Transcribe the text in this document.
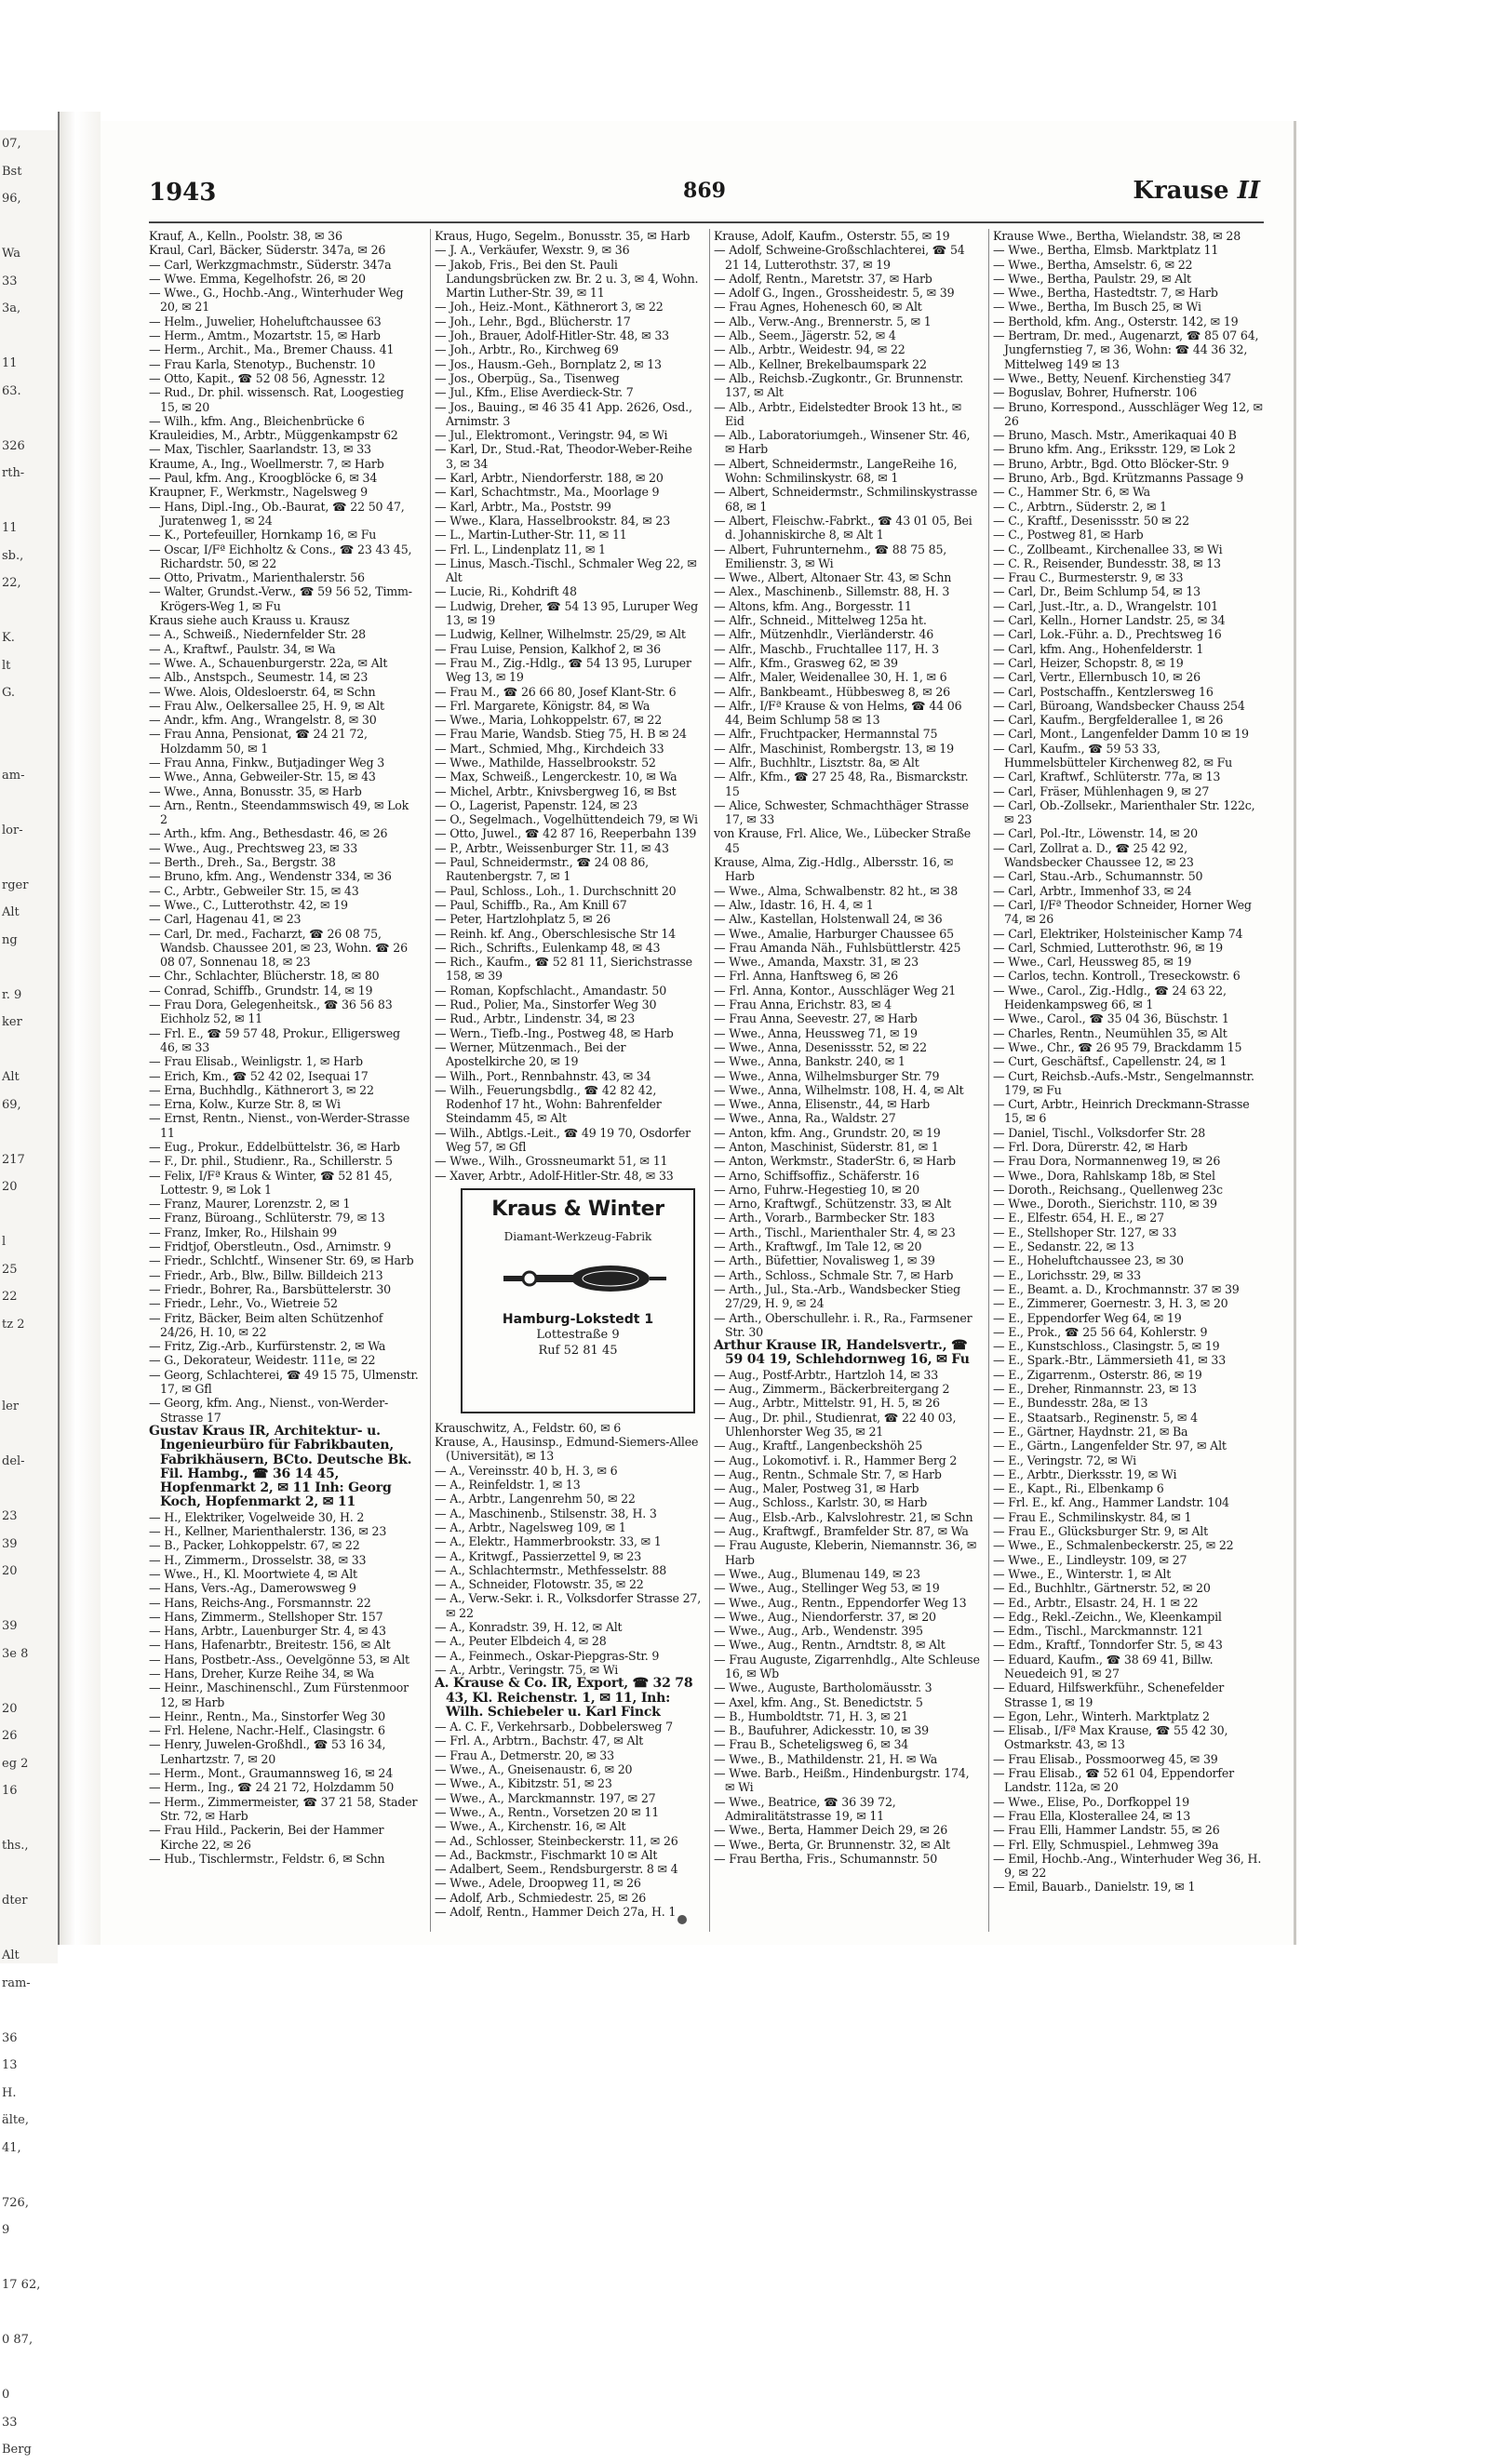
07,
Bst
96,

Wa
33
3a,

11
63.

326
rth-

11
sb.,
22,

K.
lt
G.

am-

lor-

rger
Alt
ng

r. 9
ker

Alt
69,

217
20

l
25
22
tz 2

ler

del-

23
39
20

39
3e 8

20
26
eg 2
16

ths.,

dter

Alt
ram-

36
13
H.
älte,
41,

726,
9

17 62,

0 87,

0
33
Berg
1943	869	Krause II
Krauf, A., Kelln., Poolstr. 38, ✉ 36
Kraul, Carl, Bäcker, Süderstr. 347a, ✉ 26
— Carl, Werkzgmachmstr., Süderstr. 347a
— Wwe. Emma, Kegelhofstr. 26, ✉ 20
— Wwe., G., Hochb.-Ang., Winterhuder Weg 20, ✉ 21
— Helm., Juwelier, Hoheluftchaussee 63
— Herm., Amtm., Mozartstr. 15, ✉ Harb
— Herm., Archit., Ma., Bremer Chauss. 41
— Frau Karla, Stenotyp., Buchenstr. 10
— Otto, Kapit., ☎ 52 08 56, Agnesstr. 12
— Rud., Dr. phil. wissensch. Rat, Loogestieg 15, ✉ 20
— Wilh., kfm. Ang., Bleichenbrücke 6
Krauleidies, M., Arbtr., Müggenkampstr 62
— Max, Tischler, Saarlandstr. 13, ✉ 33
Kraume, A., Ing., Woellmerstr. 7, ✉ Harb
— Paul, kfm. Ang., Kroogblöcke 6, ✉ 34
Kraupner, F., Werkmstr., Nagelsweg 9
— Hans, Dipl.-Ing., Ob.-Baurat, ☎ 22 50 47, Juratenweg 1, ✉ 24
— K., Portefeuiller, Hornkamp 16, ✉ Fu
— Oscar, I/Fª Eichholtz & Cons., ☎ 23 43 45, Richardstr. 50, ✉ 22
— Otto, Privatm., Marienthalerstr. 56
— Walter, Grundst.-Verw., ☎ 59 56 52, Timm-Krögers-Weg 1, ✉ Fu
Kraus siehe auch Krauss u. Krausz
— A., Schweiß., Niedernfelder Str. 28
— A., Kraftwf., Paulstr. 34, ✉ Wa
— Wwe. A., Schauenburgerstr. 22a, ✉ Alt
— Alb., Anstspch., Seumestr. 14, ✉ 23
— Wwe. Alois, Oldesloerstr. 64, ✉ Schn
— Frau Alw., Oelkersallee 25, H. 9, ✉ Alt
— Andr., kfm. Ang., Wrangelstr. 8, ✉ 30
— Frau Anna, Pensionat, ☎ 24 21 72, Holzdamm 50, ✉ 1
— Frau Anna, Finkw., Butjadinger Weg 3
— Wwe., Anna, Gebweiler-Str. 15, ✉ 43
— Wwe., Anna, Bonusstr. 35, ✉ Harb
— Arn., Rentn., Steendammswisch 49, ✉ Lok 2
— Arth., kfm. Ang., Bethesdastr. 46, ✉ 26
— Wwe., Aug., Prechtsweg 23, ✉ 33
— Berth., Dreh., Sa., Bergstr. 38
— Bruno, kfm. Ang., Wendenstr 334, ✉ 36
— C., Arbtr., Gebweiler Str. 15, ✉ 43
— Wwe., C., Lutterothstr. 42, ✉ 19
— Carl, Hagenau 41, ✉ 23
— Carl, Dr. med., Facharzt, ☎ 26 08 75, Wandsb. Chaussee 201, ✉ 23, Wohn. ☎ 26 08 07, Sonnenau 18, ✉ 23
— Chr., Schlachter, Blücherstr. 18, ✉ 80
— Conrad, Schiffb., Grundstr. 14, ✉ 19
— Frau Dora, Gelegenheitsk., ☎ 36 56 83 Eichholz 52, ✉ 11
— Frl. E., ☎ 59 57 48, Prokur., Elligersweg 46, ✉ 33
— Frau Elisab., Weinligstr. 1, ✉ Harb
— Erich, Km., ☎ 52 42 02, Isequai 17
— Erna, Buchhdlg., Käthnerort 3, ✉ 22
— Erna, Kolw., Kurze Str. 8, ✉ Wi
— Ernst, Rentn., Nienst., von-Werder-Strasse 11
— Eug., Prokur., Eddelbüttelstr. 36, ✉ Harb
— F., Dr. phil., Studienr., Ra., Schillerstr. 5
— Felix, I/Fª Kraus & Winter, ☎ 52 81 45, Lottestr. 9, ✉ Lok 1
— Franz, Maurer, Lorenzstr. 2, ✉ 1
— Franz, Büroang., Schlüterstr. 79, ✉ 13
— Franz, Imker, Ro., Hilshain 99
— Fridtjof, Oberstleutn., Osd., Arnimstr. 9
— Friedr., Schlchtf., Winsener Str. 69, ✉ Harb
— Friedr., Arb., Blw., Billw. Billdeich 213
— Friedr., Bohrer, Ra., Barsbüttelerstr. 30
— Friedr., Lehr., Vo., Wietreie 52
— Fritz, Bäcker, Beim alten Schützenhof 24/26, H. 10, ✉ 22
— Fritz, Zig.-Arb., Kurfürstenstr. 2, ✉ Wa
— G., Dekorateur, Weidestr. 111e, ✉ 22
— Georg, Schlachterei, ☎ 49 15 75, Ulmenstr. 17, ✉ Gfl
— Georg, kfm. Ang., Nienst., von-Werder-Strasse 17
Gustav Kraus IR, Architektur- u. Ingenieurbüro für Fabrikbauten, Fabrikhäusern, BCto. Deutsche Bk. Fil. Hambg., ☎ 36 14 45, Hopfenmarkt 2, ✉ 11 Inh: Georg Koch, Hopfenmarkt 2, ✉ 11
— H., Elektriker, Vogelweide 30, H. 2
— H., Kellner, Marienthalerstr. 136, ✉ 23
— B., Packer, Lohkoppelstr. 67, ✉ 22
— H., Zimmerm., Drosselstr. 38, ✉ 33
— Wwe., H., Kl. Moortwiete 4, ✉ Alt
— Hans, Vers.-Ag., Damerowsweg 9
— Hans, Reichs-Ang., Forsmannstr. 22
— Hans, Zimmerm., Stellshoper Str. 157
— Hans, Arbtr., Lauenburger Str. 4, ✉ 43
— Hans, Hafenarbtr., Breitestr. 156, ✉ Alt
— Hans, Postbetr.-Ass., Oevelgönne 53, ✉ Alt
— Hans, Dreher, Kurze Reihe 34, ✉ Wa
— Heinr., Maschinenschl., Zum Fürstenmoor 12, ✉ Harb
— Heinr., Rentn., Ma., Sinstorfer Weg 30
— Frl. Helene, Nachr.-Helf., Clasingstr. 6
— Henry, Juwelen-Großhdl., ☎ 53 16 34, Lenhartzstr. 7, ✉ 20
— Herm., Mont., Graumannsweg 16, ✉ 24
— Herm., Ing., ☎ 24 21 72, Holzdamm 50
— Herm., Zimmermeister, ☎ 37 21 58, Stader Str. 72, ✉ Harb
— Frau Hild., Packerin, Bei der Hammer Kirche 22, ✉ 26
— Hub., Tischlermstr., Feldstr. 6, ✉ Schn
Kraus, Hugo, Segelm., Bonusstr. 35, ✉ Harb
— J. A., Verkäufer, Wexstr. 9, ✉ 36
— Jakob, Fris., Bei den St. Pauli Landungsbrücken zw. Br. 2 u. 3, ✉ 4, Wohn. Martin Luther-Str. 39, ✉ 11
— Joh., Heiz.-Mont., Käthnerort 3, ✉ 22
— Joh., Lehr., Bgd., Blücherstr. 17
— Joh., Brauer, Adolf-Hitler-Str. 48, ✉ 33
— Joh., Arbtr., Ro., Kirchweg 69
— Jos., Hausm.-Geh., Bornplatz 2, ✉ 13
— Jos., Oberpüg., Sa., Tisenweg
— Jul., Kfm., Elise Averdieck-Str. 7
— Jos., Bauing., ✉ 46 35 41 App. 2626, Osd., Arnimstr. 3
— Jul., Elektromont., Veringstr. 94, ✉ Wi
— Karl, Dr., Stud.-Rat, Theodor-Weber-Reihe 3, ✉ 34
— Karl, Arbtr., Niendorferstr. 188, ✉ 20
— Karl, Schachtmstr., Ma., Moorlage 9
— Karl, Arbtr., Ma., Poststr. 99
— Wwe., Klara, Hasselbrookstr. 84, ✉ 23
— L., Martin-Luther-Str. 11, ✉ 11
— Frl. L., Lindenplatz 11, ✉ 1
— Linus, Masch.-Tischl., Schmaler Weg 22, ✉ Alt
— Lucie, Ri., Kohdrift 48
— Ludwig, Dreher, ☎ 54 13 95, Luruper Weg 13, ✉ 19
— Ludwig, Kellner, Wilhelmstr. 25/29, ✉ Alt
— Frau Luise, Pension, Kalkhof 2, ✉ 36
— Frau M., Zig.-Hdlg., ☎ 54 13 95, Luruper Weg 13, ✉ 19
— Frau M., ☎ 26 66 80, Josef Klant-Str. 6
— Frl. Margarete, Königstr. 84, ✉ Wa
— Wwe., Maria, Lohkoppelstr. 67, ✉ 22
— Frau Marie, Wandsb. Stieg 75, H. B ✉ 24
— Mart., Schmied, Mhg., Kirchdeich 33
— Wwe., Mathilde, Hasselbrookstr. 52
— Max, Schweiß., Lengerckestr. 10, ✉ Wa
— Michel, Arbtr., Knivsbergweg 16, ✉ Bst
— O., Lagerist, Papenstr. 124, ✉ 23
— O., Segelmach., Vogelhüttendeich 79, ✉ Wi
— Otto, Juwel., ☎ 42 87 16, Reeperbahn 139
— P., Arbtr., Weissenburger Str. 11, ✉ 43
— Paul, Schneidermstr., ☎ 24 08 86, Rautenbergstr. 7, ✉ 1
— Paul, Schloss., Loh., 1. Durchschnitt 20
— Paul, Schiffb., Ra., Am Knill 67
— Peter, Hartzlohplatz 5, ✉ 26
— Reinh. kf. Ang., Oberschlesische Str 14
— Rich., Schrifts., Eulenkamp 48, ✉ 43
— Rich., Kaufm., ☎ 52 81 11, Sierichstrasse 158, ✉ 39
— Roman, Kopfschlacht., Amandastr. 50
— Rud., Polier, Ma., Sinstorfer Weg 30
— Rud., Arbtr., Lindenstr. 34, ✉ 23
— Wern., Tiefb.-Ing., Postweg 48, ✉ Harb
— Werner, Mützenmach., Bei der Apostelkirche 20, ✉ 19
— Wilh., Port., Rennbahnstr. 43, ✉ 34
— Wilh., Feuerungsbdlg., ☎ 42 82 42, Rodenhof 17 ht., Wohn: Bahrenfelder Steindamm 45, ✉ Alt
— Wilh., Abtlgs.-Leit., ☎ 49 19 70, Osdorfer Weg 57, ✉ Gfl
— Wwe., Wilh., Grossneumarkt 51, ✉ 11
— Xaver, Arbtr., Adolf-Hitler-Str. 48, ✉ 33
Kraus & Winter
Diamant-Werkzeug-Fabrik
Hamburg-Lokstedt 1
Lottestraße 9
Ruf 52 81 45
Krauschwitz, A., Feldstr. 60, ✉ 6
Krause, A., Hausinsp., Edmund-Siemers-Allee (Universität), ✉ 13
— A., Vereinsstr. 40 b, H. 3, ✉ 6
— A., Reinfeldstr. 1, ✉ 13
— A., Arbtr., Langenrehm 50, ✉ 22
— A., Maschinenb., Stilsenstr. 38, H. 3
— A., Arbtr., Nagelsweg 109, ✉ 1
— A., Elektr., Hammerbrookstr. 33, ✉ 1
— A., Kritwgf., Passierzettel 9, ✉ 23
— A., Schlachtermstr., Methfesselstr. 88
— A., Schneider, Flotowstr. 35, ✉ 22
— A., Verw.-Sekr. i. R., Volksdorfer Strasse 27, ✉ 22
— A., Konradstr. 39, H. 12, ✉ Alt
— A., Peuter Elbdeich 4, ✉ 28
— A., Feinmech., Oskar-Piepgras-Str. 9
— A., Arbtr., Veringstr. 75, ✉ Wi
A. Krause & Co. IR, Export, ☎ 32 78 43, Kl. Reichenstr. 1, ✉ 11, Inh: Wilh. Schiebeler u. Karl Finck
— A. C. F., Verkehrsarb., Dobbelersweg 7
— Frl. A., Arbtrn., Bachstr. 47, ✉ Alt
— Frau A., Detmerstr. 20, ✉ 33
— Wwe., A., Gneisenaustr. 6, ✉ 20
— Wwe., A., Kibitzstr. 51, ✉ 23
— Wwe., A., Marckmannstr. 197, ✉ 27
— Wwe., A., Rentn., Vorsetzen 20 ✉ 11
— Wwe., A., Kirchenstr. 16, ✉ Alt
— Ad., Schlosser, Steinbeckerstr. 11, ✉ 26
— Ad., Backmstr., Fischmarkt 10 ✉ Alt
— Adalbert, Seem., Rendsburgerstr. 8 ✉ 4
— Wwe., Adele, Droopweg 11, ✉ 26
— Adolf, Arb., Schmiedestr. 25, ✉ 26
— Adolf, Rentn., Hammer Deich 27a, H. 1
Krause, Adolf, Kaufm., Osterstr. 55, ✉ 19
— Adolf, Schweine-Großschlachterei, ☎ 54 21 14, Lutterothstr. 37, ✉ 19
— Adolf, Rentn., Maretstr. 37, ✉ Harb
— Adolf G., Ingen., Grossheidestr. 5, ✉ 39
— Frau Agnes, Hohenesch 60, ✉ Alt
— Alb., Verw.-Ang., Brennerstr. 5, ✉ 1
— Alb., Seem., Jägerstr. 52, ✉ 4
— Alb., Arbtr., Weidestr. 94, ✉ 22
— Alb., Kellner, Brekelbaumspark 22
— Alb., Reichsb.-Zugkontr., Gr. Brunnenstr. 137, ✉ Alt
— Alb., Arbtr., Eidelstedter Brook 13 ht., ✉ Eid
— Alb., Laboratoriumgeh., Winsener Str. 46, ✉ Harb
— Albert, Schneidermstr., LangeReihe 16, Wohn: Schmilinskystr. 68, ✉ 1
— Albert, Schneidermstr., Schmilinskystrasse 68, ✉ 1
— Albert, Fleischw.-Fabrkt., ☎ 43 01 05, Bei d. Johanniskirche 8, ✉ Alt 1
— Albert, Fuhrunternehm., ☎ 88 75 85, Emilienstr. 3, ✉ Wi
— Wwe., Albert, Altonaer Str. 43, ✉ Schn
— Alex., Maschinenb., Sillemstr. 88, H. 3
— Altons, kfm. Ang., Borgesstr. 11
— Alfr., Schneid., Mittelweg 125a ht.
— Alfr., Mützenhdlr., Vierländerstr. 46
— Alfr., Maschb., Fruchtallee 117, H. 3
— Alfr., Kfm., Grasweg 62, ✉ 39
— Alfr., Maler, Weidenallee 30, H. 1, ✉ 6
— Alfr., Bankbeamt., Hübbesweg 8, ✉ 26
— Alfr., I/Fª Krause & von Helms, ☎ 44 06 44, Beim Schlump 58 ✉ 13
— Alfr., Fruchtpacker, Hermannstal 75
— Alfr., Maschinist, Rombergstr. 13, ✉ 19
— Alfr., Buchhltr., Lisztstr. 8a, ✉ Alt
— Alfr., Kfm., ☎ 27 25 48, Ra., Bismarckstr. 15
— Alice, Schwester, Schmachthäger Strasse 17, ✉ 33
von Krause, Frl. Alice, We., Lübecker Straße 45
Krause, Alma, Zig.-Hdlg., Albersstr. 16, ✉ Harb
— Wwe., Alma, Schwalbenstr. 82 ht., ✉ 38
— Alw., Idastr. 16, H. 4, ✉ 1
— Alw., Kastellan, Holstenwall 24, ✉ 36
— Wwe., Amalie, Harburger Chaussee 65
— Frau Amanda Näh., Fuhlsbüttlerstr. 425
— Wwe., Amanda, Maxstr. 31, ✉ 23
— Frl. Anna, Hanftsweg 6, ✉ 26
— Frl. Anna, Kontor., Ausschläger Weg 21
— Frau Anna, Erichstr. 83, ✉ 4
— Frau Anna, Seevestr. 27, ✉ Harb
— Wwe., Anna, Heussweg 71, ✉ 19
— Wwe., Anna, Desenissstr. 52, ✉ 22
— Wwe., Anna, Bankstr. 240, ✉ 1
— Wwe., Anna, Wilhelmsburger Str. 79
— Wwe., Anna, Wilhelmstr. 108, H. 4, ✉ Alt
— Wwe., Anna, Elisenstr., 44, ✉ Harb
— Wwe., Anna, Ra., Waldstr. 27
— Anton, kfm. Ang., Grundstr. 20, ✉ 19
— Anton, Maschinist, Süderstr. 81, ✉ 1
— Anton, Werkmstr., StaderStr. 6, ✉ Harb
— Arno, Schiffsoffiz., Schäferstr. 16
— Arno, Fuhrw.-Hegestieg 10, ✉ 20
— Arno, Kraftwgf., Schützenstr. 33, ✉ Alt
— Arth., Vorarb., Barmbecker Str. 183
— Arth., Tischl., Marienthaler Str. 4, ✉ 23
— Arth., Kraftwgf., Im Tale 12, ✉ 20
— Arth., Büfettier, Novalisweg 1, ✉ 39
— Arth., Schloss., Schmale Str. 7, ✉ Harb
— Arth., Jul., Sta.-Arb., Wandsbecker Stieg 27/29, H. 9, ✉ 24
— Arth., Oberschullehr. i. R., Ra., Farmsener Str. 30
Arthur Krause IR, Handelsvertr., ☎ 59 04 19, Schlehdornweg 16, ✉ Fu
— Aug., Postf-Arbtr., Hartzloh 14, ✉ 33
— Aug., Zimmerm., Bäckerbreitergang 2
— Aug., Arbtr., Mittelstr. 91, H. 5, ✉ 26
— Aug., Dr. phil., Studienrat, ☎ 22 40 03, Uhlenhorster Weg 35, ✉ 21
— Aug., Kraftf., Langenbeckshöh 25
— Aug., Lokomotivf. i. R., Hammer Berg 2
— Aug., Rentn., Schmale Str. 7, ✉ Harb
— Aug., Maler, Postweg 31, ✉ Harb
— Aug., Schloss., Karlstr. 30, ✉ Harb
— Aug., Elsb.-Arb., Kalvslohrestr. 21, ✉ Schn
— Aug., Kraftwgf., Bramfelder Str. 87, ✉ Wa
— Frau Auguste, Kleberin, Niemannstr. 36, ✉ Harb
— Wwe., Aug., Blumenau 149, ✉ 23
— Wwe., Aug., Stellinger Weg 53, ✉ 19
— Wwe., Aug., Rentn., Eppendorfer Weg 13
— Wwe., Aug., Niendorferstr. 37, ✉ 20
— Wwe., Aug., Arb., Wendenstr. 395
— Wwe., Aug., Rentn., Arndtstr. 8, ✉ Alt
— Frau Auguste, Zigarrenhdlg., Alte Schleuse 16, ✉ Wb
— Wwe., Auguste, Bartholomäusstr. 3
— Axel, kfm. Ang., St. Benedictstr. 5
— B., Humboldtstr. 71, H. 3, ✉ 21
— B., Baufuhrer, Adickesstr. 10, ✉ 39
— Frau B., Scheteligsweg 6, ✉ 34
— Wwe., B., Mathildenstr. 21, H. ✉ Wa
— Wwe. Barb., Heißm., Hindenburgstr. 174, ✉ Wi
— Wwe., Beatrice, ☎ 36 39 72, Admiralitätstrasse 19, ✉ 11
— Wwe., Berta, Hammer Deich 29, ✉ 26
— Wwe., Berta, Gr. Brunnenstr. 32, ✉ Alt
— Frau Bertha, Fris., Schumannstr. 50
Krause Wwe., Bertha, Wielandstr. 38, ✉ 28
— Wwe., Bertha, Elmsb. Marktplatz 11
— Wwe., Bertha, Amselstr. 6, ✉ 22
— Wwe., Bertha, Paulstr. 29, ✉ Alt
— Wwe., Bertha, Hastedtstr. 7, ✉ Harb
— Wwe., Bertha, Im Busch 25, ✉ Wi
— Berthold, kfm. Ang., Osterstr. 142, ✉ 19
— Bertram, Dr. med., Augenarzt, ☎ 85 07 64, Jungfernstieg 7, ✉ 36, Wohn: ☎ 44 36 32, Mittelweg 149 ✉ 13
— Wwe., Betty, Neuenf. Kirchenstieg 347
— Boguslav, Bohrer, Hufnerstr. 106
— Bruno, Korrespond., Ausschläger Weg 12, ✉ 26
— Bruno, Masch. Mstr., Amerikaquai 40 B
— Bruno kfm. Ang., Eriksstr. 129, ✉ Lok 2
— Bruno, Arbtr., Bgd. Otto Blöcker-Str. 9
— Bruno, Arb., Bgd. Krützmanns Passage 9
— C., Hammer Str. 6, ✉ Wa
— C., Arbtrn., Süderstr. 2, ✉ 1
— C., Kraftf., Desenissstr. 50 ✉ 22
— C., Postweg 81, ✉ Harb
— C., Zollbeamt., Kirchenallee 33, ✉ Wi
— C. R., Reisender, Bundesstr. 38, ✉ 13
— Frau C., Burmesterstr. 9, ✉ 33
— Carl, Dr., Beim Schlump 54, ✉ 13
— Carl, Just.-Itr., a. D., Wrangelstr. 101
— Carl, Kelln., Horner Landstr. 25, ✉ 34
— Carl, Lok.-Führ. a. D., Prechtsweg 16
— Carl, kfm. Ang., Hohenfelderstr. 1
— Carl, Heizer, Schopstr. 8, ✉ 19
— Carl, Vertr., Ellernbusch 10, ✉ 26
— Carl, Postschaffn., Kentzlersweg 16
— Carl, Büroang, Wandsbecker Chauss 254
— Carl, Kaufm., Bergfelderallee 1, ✉ 26
— Carl, Mont., Langenfelder Damm 10 ✉ 19
— Carl, Kaufm., ☎ 59 53 33, Hummelsbütteler Kirchenweg 82, ✉ Fu
— Carl, Kraftwf., Schlüterstr. 77a, ✉ 13
— Carl, Fräser, Mühlenhagen 9, ✉ 27
— Carl, Ob.-Zollsekr., Marienthaler Str. 122c, ✉ 23
— Carl, Pol.-Itr., Löwenstr. 14, ✉ 20
— Carl, Zollrat a. D., ☎ 25 42 92, Wandsbecker Chaussee 12, ✉ 23
— Carl, Stau.-Arb., Schumannstr. 50
— Carl, Arbtr., Immenhof 33, ✉ 24
— Carl, I/Fª Theodor Schneider, Horner Weg 74, ✉ 26
— Carl, Elektriker, Holsteinischer Kamp 74
— Carl, Schmied, Lutterothstr. 96, ✉ 19
— Wwe., Carl, Heussweg 85, ✉ 19
— Carlos, techn. Kontroll., Treseckowstr. 6
— Wwe., Carol., Zig.-Hdlg., ☎ 24 63 22, Heidenkampsweg 66, ✉ 1
— Wwe., Carol., ☎ 35 04 36, Büschstr. 1
— Charles, Rentn., Neumühlen 35, ✉ Alt
— Wwe., Chr., ☎ 26 95 79, Brackdamm 15
— Curt, Geschäftsf., Capellenstr. 24, ✉ 1
— Curt, Reichsb.-Aufs.-Mstr., Sengelmannstr. 179, ✉ Fu
— Curt, Arbtr., Heinrich Dreckmann-Strasse 15, ✉ 6
— Daniel, Tischl., Volksdorfer Str. 28
— Frl. Dora, Dürerstr. 42, ✉ Harb
— Frau Dora, Normannenweg 19, ✉ 26
— Wwe., Dora, Rahlskamp 18b, ✉ Stel
— Doroth., Reichsang., Quellenweg 23c
— Wwe., Doroth., Sierichstr. 110, ✉ 39
— E., Elfestr. 654, H. E., ✉ 27
— E., Stellshoper Str. 127, ✉ 33
— E., Sedanstr. 22, ✉ 13
— E., Hoheluftchaussee 23, ✉ 30
— E., Lorichsstr. 29, ✉ 33
— E., Beamt. a. D., Krochmannstr. 37 ✉ 39
— E., Zimmerer, Goernestr. 3, H. 3, ✉ 20
— E., Eppendorfer Weg 64, ✉ 19
— E., Prok., ☎ 25 56 64, Kohlerstr. 9
— E., Kunstschloss., Clasingstr. 5, ✉ 19
— E., Spark.-Btr., Lämmersieth 41, ✉ 33
— E., Zigarrenm., Osterstr. 86, ✉ 19
— E., Dreher, Rinmannstr. 23, ✉ 13
— E., Bundesstr. 28a, ✉ 13
— E., Staatsarb., Reginenstr. 5, ✉ 4
— E., Gärtner, Haydnstr. 21, ✉ Ba
— E., Gärtn., Langenfelder Str. 97, ✉ Alt
— E., Veringstr. 72, ✉ Wi
— E., Arbtr., Dierksstr. 19, ✉ Wi
— E., Kapt., Ri., Elbenkamp 6
— Frl. E., kf. Ang., Hammer Landstr. 104
— Frau E., Schmilinskystr. 84, ✉ 1
— Frau E., Glücksburger Str. 9, ✉ Alt
— Wwe., E., Schmalenbeckerstr. 25, ✉ 22
— Wwe., E., Lindleystr. 109, ✉ 27
— Wwe., E., Winterstr. 1, ✉ Alt
— Ed., Buchhltr., Gärtnerstr. 52, ✉ 20
— Ed., Arbtr., Elsastr. 24, H. 1 ✉ 22
— Edg., Rekl.-Zeichn., We, Kleenkampil
— Edm., Tischl., Marckmannstr. 121
— Edm., Kraftf., Tonndorfer Str. 5, ✉ 43
— Eduard, Kaufm., ☎ 38 69 41, Billw. Neuedeich 91, ✉ 27
— Eduard, Hilfswerkführ., Schenefelder Strasse 1, ✉ 19
— Egon, Lehr., Winterh. Marktplatz 2
— Elisab., I/Fª Max Krause, ☎ 55 42 30, Ostmarkstr. 43, ✉ 13
— Frau Elisab., Possmoorweg 45, ✉ 39
— Frau Elisab., ☎ 52 61 04, Eppendorfer Landstr. 112a, ✉ 20
— Wwe., Elise, Po., Dorfkoppel 19
— Frau Ella, Klosterallee 24, ✉ 13
— Frau Elli, Hammer Landstr. 55, ✉ 26
— Frl. Elly, Schmuspiel., Lehmweg 39a
— Emil, Hochb.-Ang., Winterhuder Weg 36, H. 9, ✉ 22
— Emil, Bauarb., Danielstr. 19, ✉ 1
